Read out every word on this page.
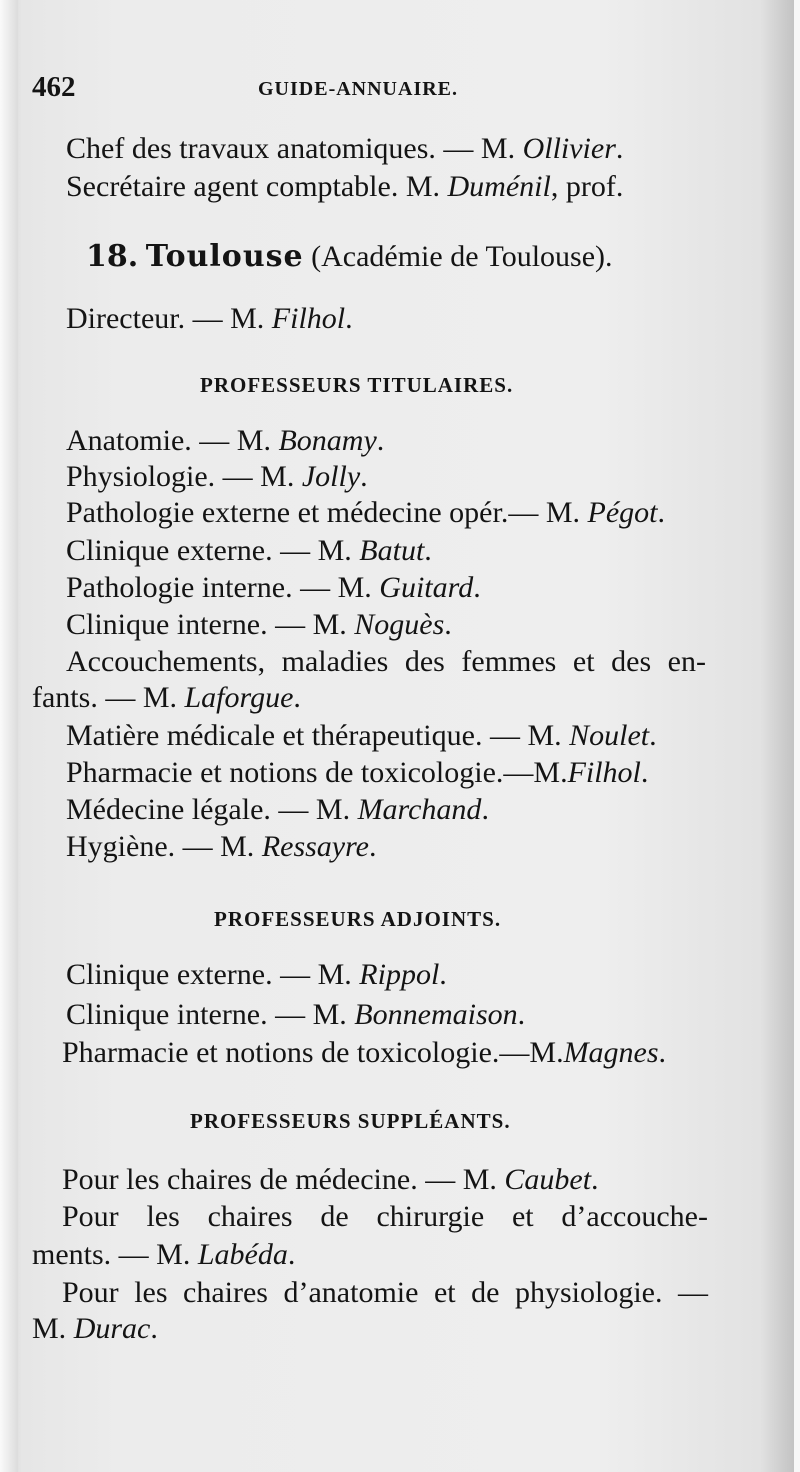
462	GUIDE-ANNUAIRE.
Chef des travaux anatomiques. — M. Ollivier.
Secrétaire agent comptable. M. Duménil, prof.
18. Toulouse (Académie de Toulouse).
Directeur. — M. Filhol.
PROFESSEURS TITULAIRES.
Anatomie. — M. Bonamy.
Physiologie. — M. Jolly.
Pathologie externe et médecine opér.— M. Pégot.
Clinique externe. — M. Batut.
Pathologie interne. — M. Guitard.
Clinique interne. — M. Noguès.
Accouchements, maladies des femmes et des en-
fants. — M. Laforgue.
Matière médicale et thérapeutique. — M. Noulet.
Pharmacie et notions de toxicologie.—M.Filhol.
Médecine légale. — M. Marchand.
Hygiène. — M. Ressayre.
PROFESSEURS ADJOINTS.
Clinique externe. — M. Rippol.
Clinique interne. — M. Bonnemaison.
Pharmacie et notions de toxicologie.—M.Magnes.
PROFESSEURS SUPPLÉANTS.
Pour les chaires de médecine. — M. Caubet.
Pour les chaires de chirurgie et d’accouche-
ments. — M. Labéda.
Pour les chaires d’anatomie et de physiologie. —
M. Durac.
